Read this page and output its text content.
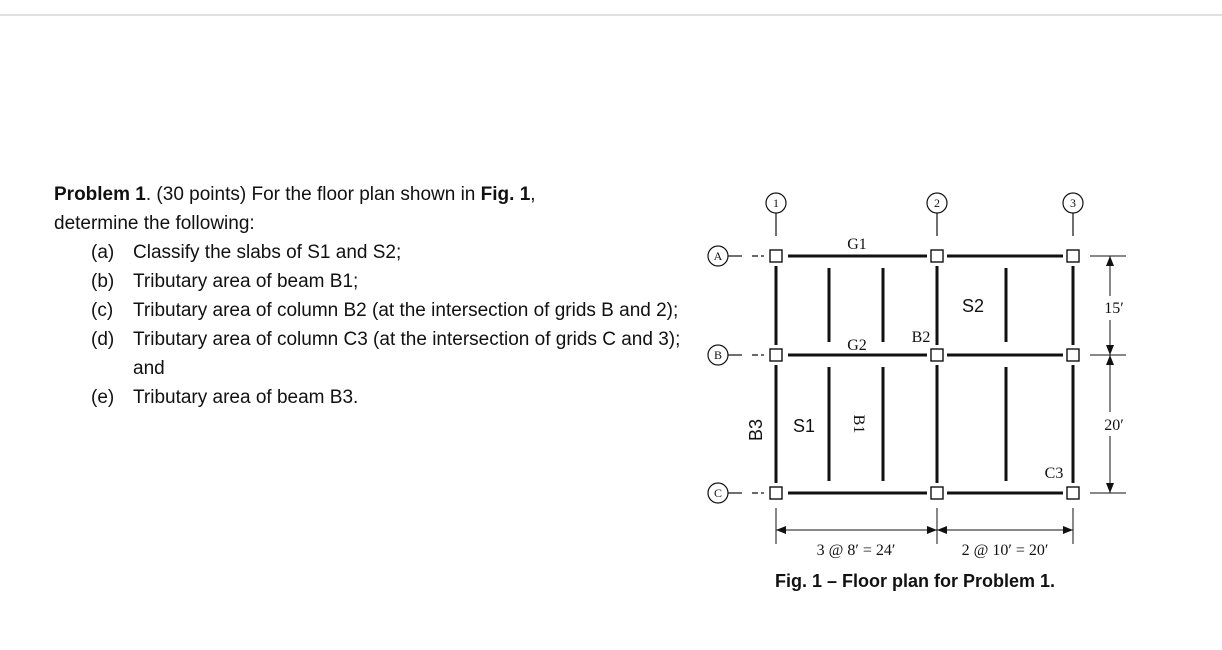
Problem 1. (30 points) For the floor plan shown in Fig. 1,
determine the following:
(a) Classify the slabs of S1 and S2;
(b) Tributary area of beam B1;
(c)	Tributary area of column B2 (at the intersection of grids B and 2);
(d) Tributary area of column C3 (at the intersection of grids C and 3); and
(e) Tributary area of beam B3.
1	2	3
A
B
C
G1
G2	B2
C3
B1
15′
20′
3 @ 8′ = 24′	2 @ 10′ = 20′
S2
S1
B3
Fig. 1 – Floor plan for Problem 1.
